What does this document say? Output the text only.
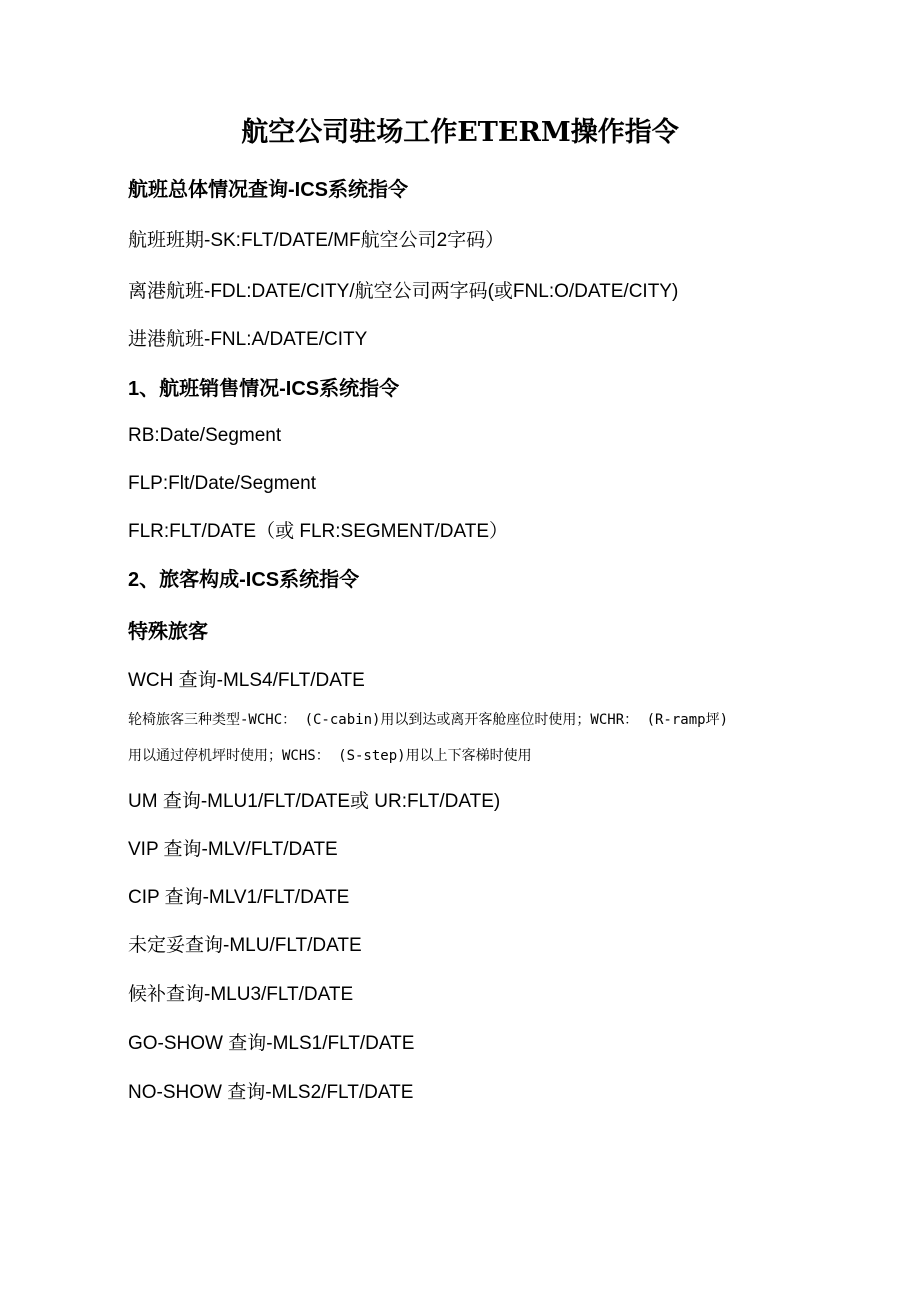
航空公司驻场工作ETERM操作指令
航班总体情况查询-ICS系统指令
航班班期-SK:FLT/DATE/MF航空公司2字码）
离港航班-FDL:DATE/CITY/航空公司两字码(或FNL:O/DATE/CITY)
进港航班-FNL:A/DATE/CITY
1、航班销售情况-ICS系统指令
RB:Date/Segment
FLP:Flt/Date/Segment
FLR:FLT/DATE（或 FLR:SEGMENT/DATE）
2、旅客构成-ICS系统指令
特殊旅客
WCH 查询-MLS4/FLT/DATE
轮椅旅客三种类型-WCHC： (C-cabin)用以到达或离开客舱座位时使用；WCHR： (R-ramp坪)
用以通过停机坪时使用；WCHS： (S-step)用以上下客梯时使用
UM 查询-MLU1/FLT/DATE或 UR:FLT/DATE)
VIP 查询-MLV/FLT/DATE
CIP 查询-MLV1/FLT/DATE
未定妥查询-MLU/FLT/DATE
候补查询-MLU3/FLT/DATE
GO-SHOW 查询-MLS1/FLT/DATE
NO-SHOW 查询-MLS2/FLT/DATE
